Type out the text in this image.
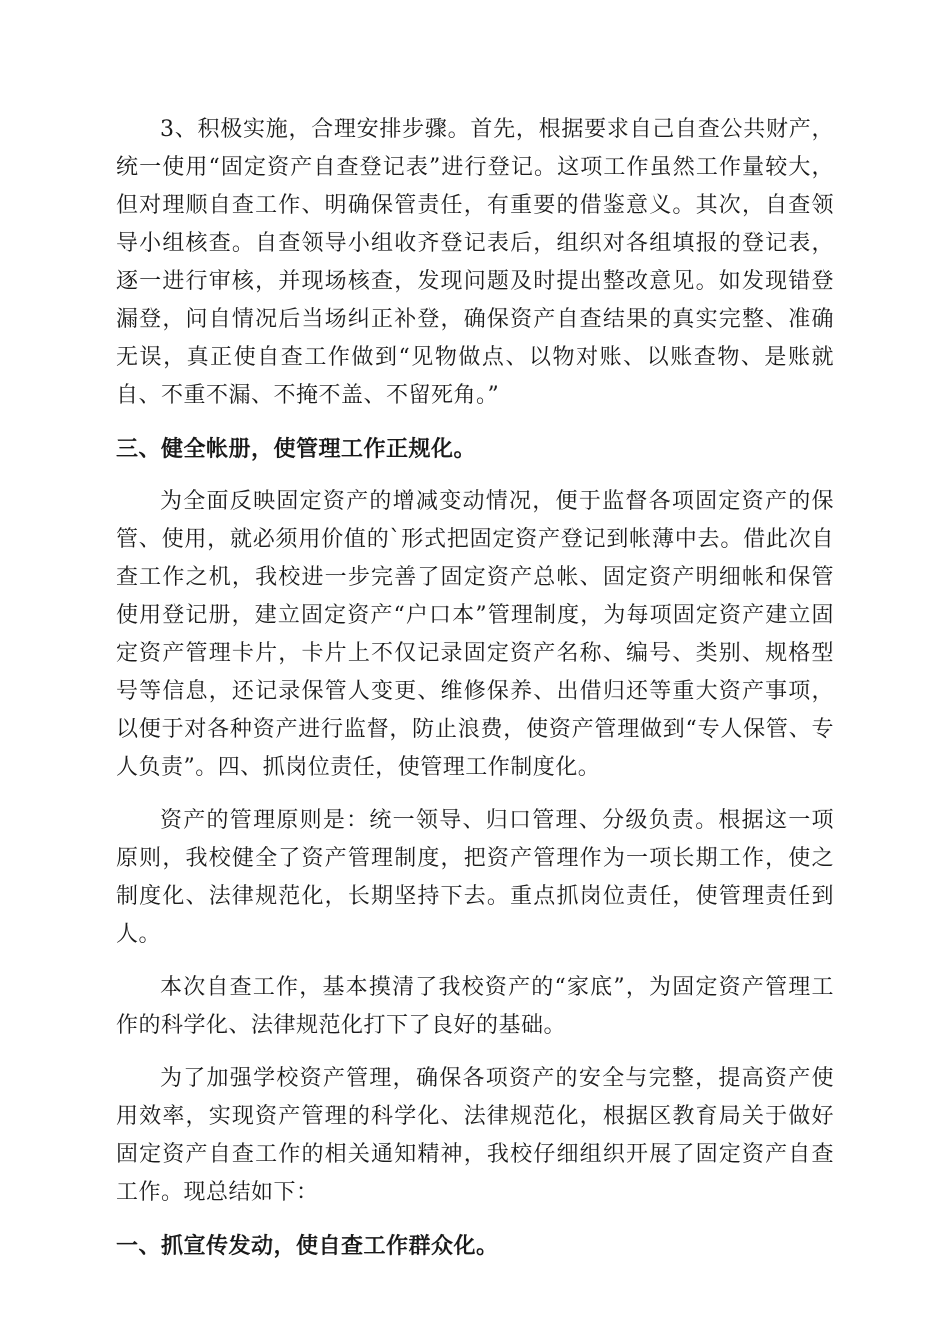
3、积极实施，合理安排步骤。首先，根据要求自己自查公共财产，统一使用“固定资产自查登记表”进行登记。这项工作虽然工作量较大，但对理顺自查工作、明确保管责任，有重要的借鉴意义。其次，自查领导小组核查。自查领导小组收齐登记表后，组织对各组填报的登记表，逐一进行审核，并现场核查，发现问题及时提出整改意见。如发现错登漏登，问自情况后当场纠正补登，确保资产自查结果的真实完整、准确无误，真正使自查工作做到“见物做点、以物对账、以账查物、是账就自、不重不漏、不掩不盖、不留死角。”

三、健全帐册，使管理工作正规化。

为全面反映固定资产的增减变动情况，便于监督各项固定资产的保管、使用，就必须用价值的`形式把固定资产登记到帐薄中去。借此次自查工作之机，我校进一步完善了固定资产总帐、固定资产明细帐和保管使用登记册，建立固定资产“户口本”管理制度，为每项固定资产建立固定资产管理卡片，卡片上不仅记录固定资产名称、编号、类别、规格型号等信息，还记录保管人变更、维修保养、出借归还等重大资产事项，以便于对各种资产进行监督，防止浪费，使资产管理做到“专人保管、专人负责”。四、抓岗位责任，使管理工作制度化。

资产的管理原则是：统一领导、归口管理、分级负责。根据这一项原则，我校健全了资产管理制度，把资产管理作为一项长期工作，使之制度化、法律规范化，长期坚持下去。重点抓岗位责任，使管理责任到人。

本次自查工作，基本摸清了我校资产的“家底”，为固定资产管理工作的科学化、法律规范化打下了良好的基础。

为了加强学校资产管理，确保各项资产的安全与完整，提高资产使用效率，实现资产管理的科学化、法律规范化，根据区教育局关于做好固定资产自查工作的相关通知精神，我校仔细组织开展了固定资产自查工作。现总结如下：

一、抓宣传发动，使自查工作群众化。
